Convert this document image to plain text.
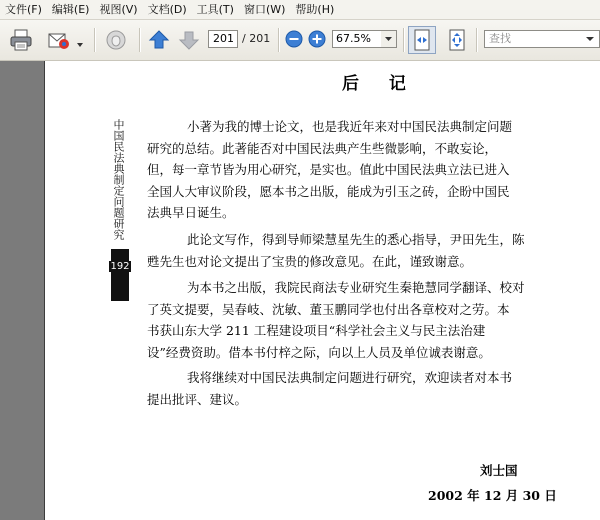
文件(F) 编辑(E) 视图(V) 文档(D) 工具(T) 窗口(W) 帮助(H)
201 / 201	67.5%	查找
中国民法典制定问题研究
192
后 记
小著为我的博士论文，也是我近年来对中国民法典制定问题
研究的总结。此著能否对中国民法典产生些微影响，不敢妄论，
但，每一章节皆为用心研究，是实也。值此中国民法典立法已进入
全国人大审议阶段，愿本书之出版，能成为引玉之砖，企盼中国民
法典早日诞生。
此论文写作，得到导师梁慧星先生的悉心指导，尹田先生，陈
甦先生也对论文提出了宝贵的修改意见。在此，谨致谢意。
为本书之出版，我院民商法专业研究生秦艳慧同学翻译、校对
了英文提要，吴春岐、沈敏、董玉鹏同学也付出各章校对之劳。本
书获山东大学 211 工程建设项目“科学社会主义与民主法治建
设”经费资助。借本书付梓之际，向以上人员及单位诚表谢意。
我将继续对中国民法典制定问题进行研究，欢迎读者对本书
提出批评、建议。
刘士国
2002 年 12 月 30 日
